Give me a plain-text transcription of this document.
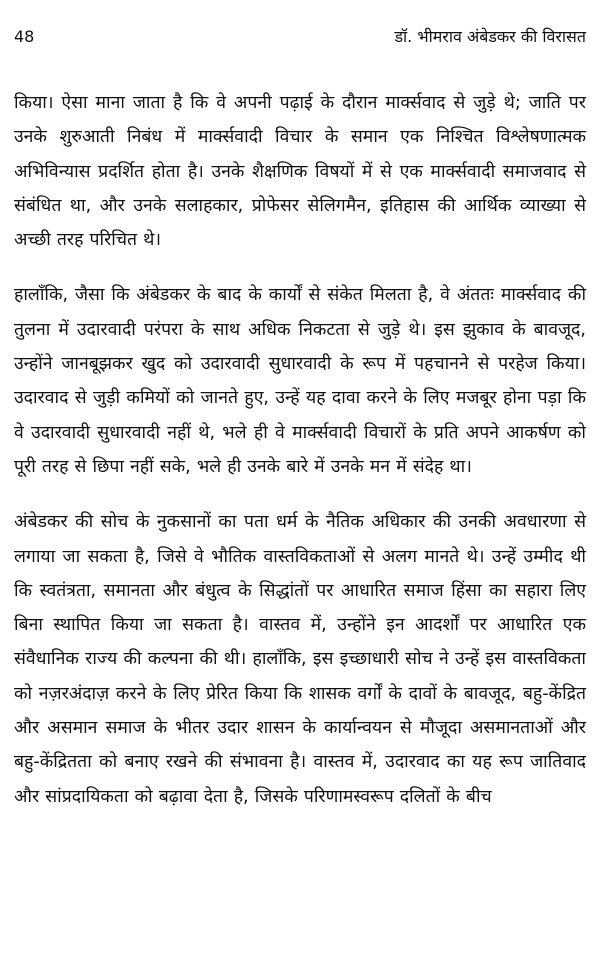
48	डॉ. भीमराव अंबेडकर की विरासत

किया। ऐसा माना जाता है कि वे अपनी पढ़ाई के दौरान मार्क्सवाद से जुड़े थे; जाति पर उनके शुरुआती निबंध में मार्क्सवादी विचार के समान एक निश्चित विश्लेषणात्मक अभिविन्यास प्रदर्शित होता है। उनके शैक्षणिक विषयों में से एक मार्क्सवादी समाजवाद से संबंधित था, और उनके सलाहकार, प्रोफेसर सेलिगमैन, इतिहास की आर्थिक व्याख्या से अच्छी तरह परिचित थे।

हालाँकि, जैसा कि अंबेडकर के बाद के कार्यों से संकेत मिलता है, वे अंततः मार्क्सवाद की तुलना में उदारवादी परंपरा के साथ अधिक निकटता से जुड़े थे। इस झुकाव के बावजूद, उन्होंने जानबूझकर खुद को उदारवादी सुधारवादी के रूप में पहचानने से परहेज किया। उदारवाद से जुड़ी कमियों को जानते हुए, उन्हें यह दावा करने के लिए मजबूर होना पड़ा कि वे उदारवादी सुधारवादी नहीं थे, भले ही वे मार्क्सवादी विचारों के प्रति अपने आकर्षण को पूरी तरह से छिपा नहीं सके, भले ही उनके बारे में उनके मन में संदेह था।

अंबेडकर की सोच के नुकसानों का पता धर्म के नैतिक अधिकार की उनकी अवधारणा से लगाया जा सकता है, जिसे वे भौतिक वास्तविकताओं से अलग मानते थे। उन्हें उम्मीद थी कि स्वतंत्रता, समानता और बंधुत्व के सिद्धांतों पर आधारित समाज हिंसा का सहारा लिए बिना स्थापित किया जा सकता है। वास्तव में, उन्होंने इन आदर्शों पर आधारित एक संवैधानिक राज्य की कल्पना की थी। हालाँकि, इस इच्छाधारी सोच ने उन्हें इस वास्तविकता को नज़रअंदाज़ करने के लिए प्रेरित किया कि शासक वर्गों के दावों के बावजूद, बहु-केंद्रित और असमान समाज के भीतर उदार शासन के कार्यान्वयन से मौजूदा असमानताओं और बहु-केंद्रितता को बनाए रखने की संभावना है। वास्तव में, उदारवाद का यह रूप जातिवाद और सांप्रदायिकता को बढ़ावा देता है, जिसके परिणामस्वरूप दलितों के बीच
